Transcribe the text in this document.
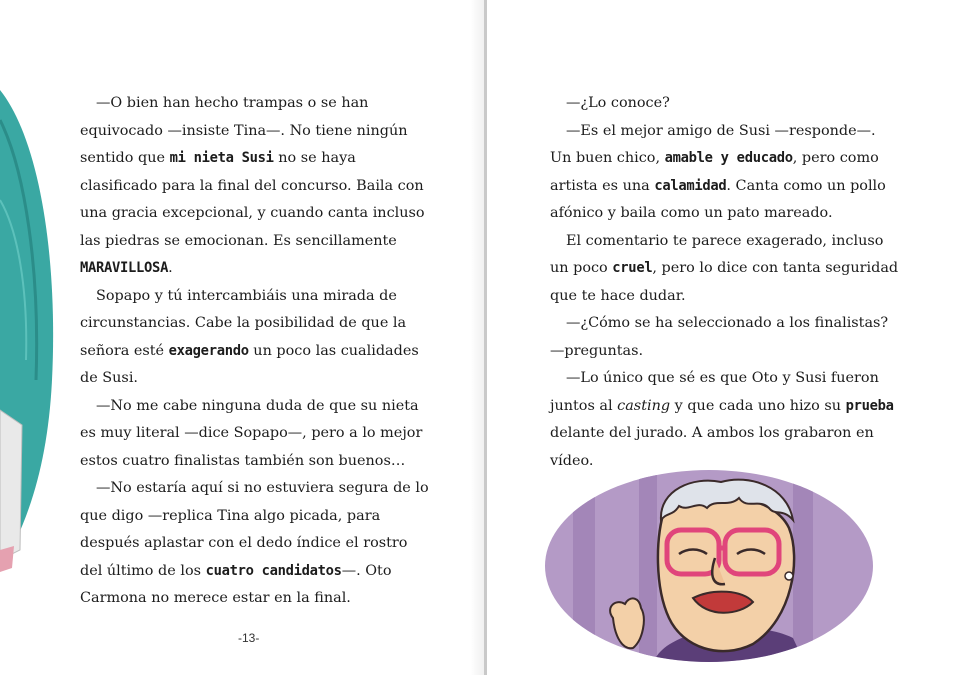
—O bien han hecho trampas o se han equivocado —insiste Tina—. No tiene ningún sentido que mi nieta Susi no se haya clasificado para la final del concurso. Baila con una gracia excepcional, y cuando canta incluso las piedras se emocionan. Es sencillamente MARAVILLOSA.

Sopapo y tú intercambiáis una mirada de circunstancias. Cabe la posibilidad de que la señora esté exagerando un poco las cualidades de Susi.

—No me cabe ninguna duda de que su nieta es muy literal —dice Sopapo—, pero a lo mejor estos cuatro finalistas también son buenos…

—No estaría aquí si no estuviera segura de lo que digo —replica Tina algo picada, para después aplastar con el dedo índice el rostro del último de los cuatro candidatos—. Oto Carmona no merece estar en la final.

-13-

—¿Lo conoce?

—Es el mejor amigo de Susi —responde—. Un buen chico, amable y educado, pero como artista es una calamidad. Canta como un pollo afónico y baila como un pato mareado.

El comentario te parece exagerado, incluso un poco cruel, pero lo dice con tanta seguridad que te hace dudar.

—¿Cómo se ha seleccionado a los finalistas? —preguntas.

—Lo único que sé es que Oto y Susi fueron juntos al casting y que cada uno hizo su prueba delante del jurado. A ambos los grabaron en vídeo.
